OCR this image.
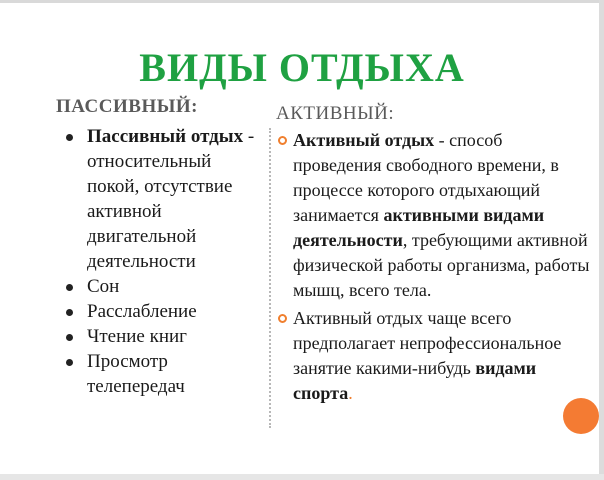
ВИДЫ ОТДЫХА
ПАССИВНЫЙ:	АКТИВНЫЙ:
Пассивный отдых - относительный покой, отсутствие активной двигательной деятельности
Сон
Расслабление
Чтение книг
Просмотр телепередач
Активный отдых - способ проведения свободного времени, в процессе которого отдыхающий занимается активными видами деятельности, требующими активной физической работы организма, работы мышц, всего тела.
Активный отдых чаще всего предполагает непрофессиональное занятие какими-нибудь видами спорта.
